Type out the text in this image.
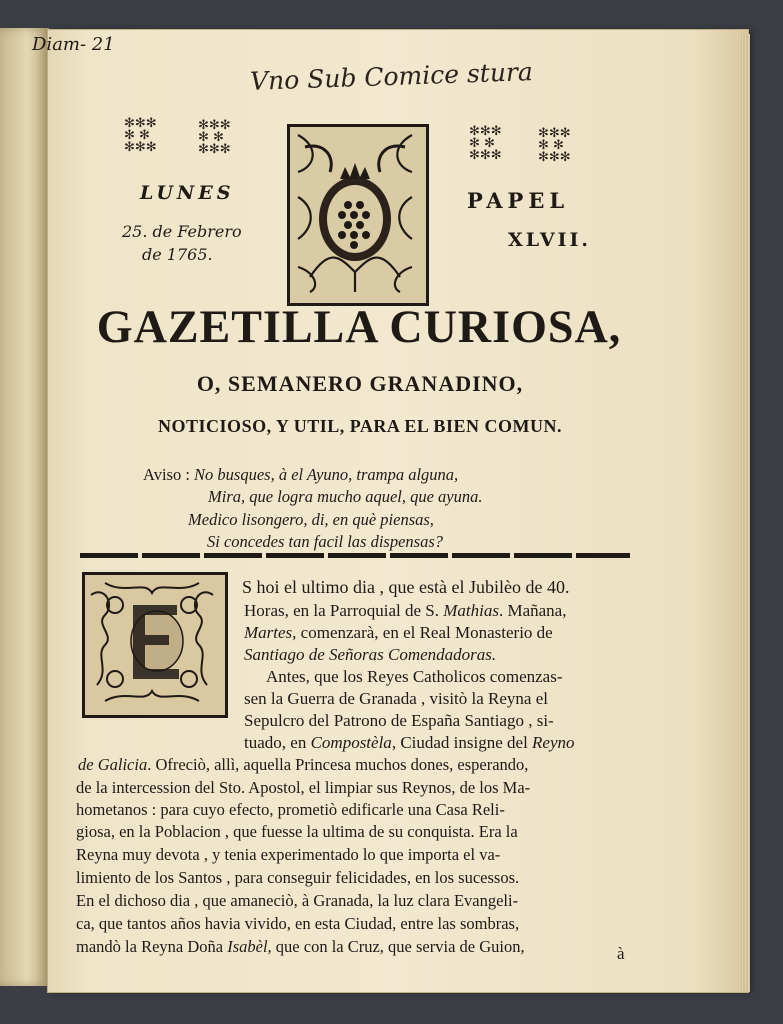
Diam- 21
Vno Sub Comice stura
✻✻✻
✻ ✻
✻✻✻
✻✻✻
✻ ✻
✻✻✻
✻✻✻
✻ ✻
✻✻✻
✻✻✻
✻ ✻
✻✻✻
LUNES
25. de Febrero
de 1765.
PAPEL
XLVII.
GAZETILLA CURIOSA,
O, SEMANERO GRANADINO,
NOTICIOSO, Y UTIL, PARA EL BIEN COMUN.
Aviso : No busques, à el Ayuno, trampa alguna,
Mira, que logra mucho aquel, que ayuna.
Medico lisongero, di, en què piensas,
Si concedes tan facil las dispensas?
S hoi el ultimo dia , que està el Jubilèo de 40.
Horas, en la Parroquial de S. Mathias. Mañana,
Martes, comenzarà, en el Real Monasterio de
Santiago de Señoras Comendadoras.
Antes, que los Reyes Catholicos comenzas-
sen la Guerra de Granada , visitò la Reyna el
Sepulcro del Patrono de España Santiago , si-
tuado, en Compostèla, Ciudad insigne del Reyno
de Galicia. Ofreciò, allì, aquella Princesa muchos dones, esperando,
de la intercession del Sto. Apostol, el limpiar sus Reynos, de los Ma-
hometanos : para cuyo efecto, prometiò edificarle una Casa Reli-
giosa, en la Poblacion , que fuesse la ultima de su conquista. Era la
Reyna muy devota , y tenia experimentado lo que importa el va-
limiento de los Santos , para conseguir felicidades, en los sucessos.
En el dichoso dia , que amaneciò, à Granada, la luz clara Evangeli-
ca, que tantos años havia vivido, en esta Ciudad, entre las sombras,
mandò la Reyna Doña Isabèl, que con la Cruz, que servia de Guion,	à
